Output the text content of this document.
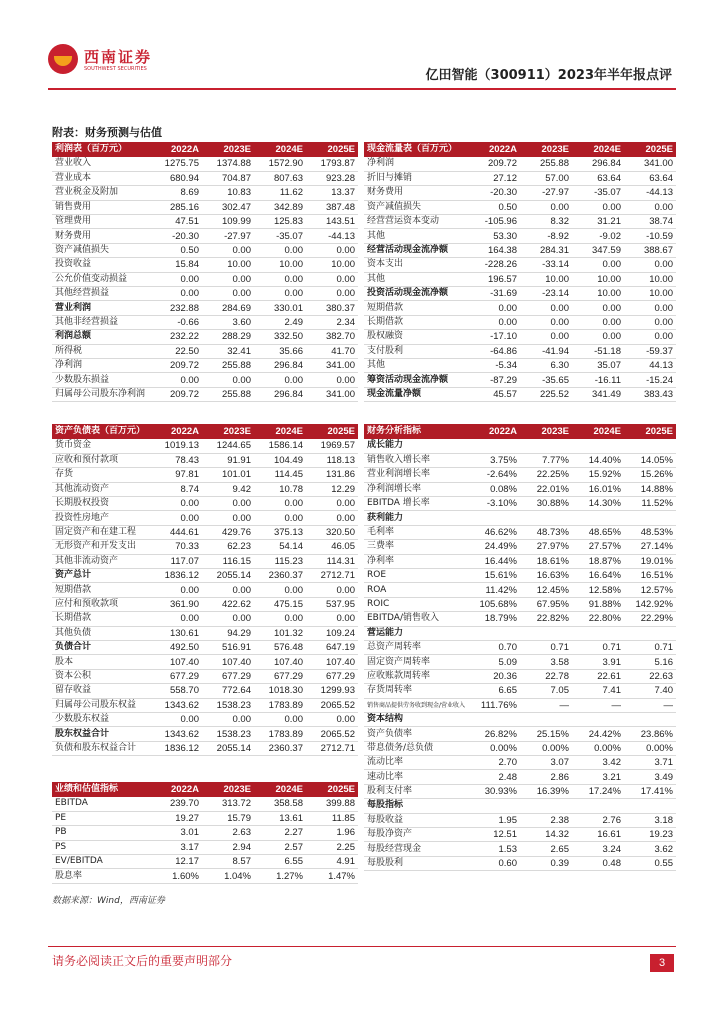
西南证券
SOUTHWEST SECURITIES	亿田智能（300911）2023年半年报点评
附表：财务预测与估值
利润表（百万元）	2022A	2023E	2024E	2025E
营业收入	1275.75	1374.88	1572.90	1793.87
营业成本	680.94	704.87	807.63	923.28
营业税金及附加	8.69	10.83	11.62	13.37
销售费用	285.16	302.47	342.89	387.48
管理费用	47.51	109.99	125.83	143.51
财务费用	-20.30	-27.97	-35.07	-44.13
资产减值损失	0.50	0.00	0.00	0.00
投资收益	15.84	10.00	10.00	10.00
公允价值变动损益	0.00	0.00	0.00	0.00
其他经营损益	0.00	0.00	0.00	0.00
营业利润	232.88	284.69	330.01	380.37
其他非经营损益	-0.66	3.60	2.49	2.34
利润总额	232.22	288.29	332.50	382.70
所得税	22.50	32.41	35.66	41.70
净利润	209.72	255.88	296.84	341.00
少数股东损益	0.00	0.00	0.00	0.00
归属母公司股东净利润	209.72	255.88	296.84	341.00
现金流量表（百万元）	2022A	2023E	2024E	2025E
净利润	209.72	255.88	296.84	341.00
折旧与摊销	27.12	57.00	63.64	63.64
财务费用	-20.30	-27.97	-35.07	-44.13
资产减值损失	0.50	0.00	0.00	0.00
经营营运资本变动	-105.96	8.32	31.21	38.74
其他	53.30	-8.92	-9.02	-10.59
经营活动现金流净额	164.38	284.31	347.59	388.67
资本支出	-228.26	-33.14	0.00	0.00
其他	196.57	10.00	10.00	10.00
投资活动现金流净额	-31.69	-23.14	10.00	10.00
短期借款	0.00	0.00	0.00	0.00
长期借款	0.00	0.00	0.00	0.00
股权融资	-17.10	0.00	0.00	0.00
支付股利	-64.86	-41.94	-51.18	-59.37
其他	-5.34	6.30	35.07	44.13
筹资活动现金流净额	-87.29	-35.65	-16.11	-15.24
现金流量净额	45.57	225.52	341.49	383.43
资产负债表（百万元）	2022A	2023E	2024E	2025E
货币资金	1019.13	1244.65	1586.14	1969.57
应收和预付款项	78.43	91.91	104.49	118.13
存货	97.81	101.01	114.45	131.86
其他流动资产	8.74	9.42	10.78	12.29
长期股权投资	0.00	0.00	0.00	0.00
投资性房地产	0.00	0.00	0.00	0.00
固定资产和在建工程	444.61	429.76	375.13	320.50
无形资产和开发支出	70.33	62.23	54.14	46.05
其他非流动资产	117.07	116.15	115.23	114.31
资产总计	1836.12	2055.14	2360.37	2712.71
短期借款	0.00	0.00	0.00	0.00
应付和预收款项	361.90	422.62	475.15	537.95
长期借款	0.00	0.00	0.00	0.00
其他负债	130.61	94.29	101.32	109.24
负债合计	492.50	516.91	576.48	647.19
股本	107.40	107.40	107.40	107.40
资本公积	677.29	677.29	677.29	677.29
留存收益	558.70	772.64	1018.30	1299.93
归属母公司股东权益	1343.62	1538.23	1783.89	2065.52
少数股东权益	0.00	0.00	0.00	0.00
股东权益合计	1343.62	1538.23	1783.89	2065.52
负债和股东权益合计	1836.12	2055.14	2360.37	2712.71
财务分析指标	2022A	2023E	2024E	2025E
成长能力				
销售收入增长率	3.75%	7.77%	14.40%	14.05%
营业利润增长率	-2.64%	22.25%	15.92%	15.26%
净利润增长率	0.08%	22.01%	16.01%	14.88%
EBITDA 增长率	-3.10%	30.88%	14.30%	11.52%
获利能力				
毛利率	46.62%	48.73%	48.65%	48.53%
三费率	24.49%	27.97%	27.57%	27.14%
净利率	16.44%	18.61%	18.87%	19.01%
ROE	15.61%	16.63%	16.64%	16.51%
ROA	11.42%	12.45%	12.58%	12.57%
ROIC	105.68%	67.95%	91.88%	142.92%
EBITDA/销售收入	18.79%	22.82%	22.80%	22.29%
营运能力				
总资产周转率	0.70	0.71	0.71	0.71
固定资产周转率	5.09	3.58	3.91	5.16
应收账款周转率	20.36	22.78	22.61	22.63
存货周转率	6.65	7.05	7.41	7.40
销售商品提供劳务收到现金/营业收入	111.76%	—	—	—
资本结构				
资产负债率	26.82%	25.15%	24.42%	23.86%
带息债务/总负债	0.00%	0.00%	0.00%	0.00%
流动比率	2.70	3.07	3.42	3.71
速动比率	2.48	2.86	3.21	3.49
股利支付率	30.93%	16.39%	17.24%	17.41%
每股指标				
每股收益	1.95	2.38	2.76	3.18
每股净资产	12.51	14.32	16.61	19.23
每股经营现金	1.53	2.65	3.24	3.62
每股股利	0.60	0.39	0.48	0.55
业绩和估值指标	2022A	2023E	2024E	2025E
EBITDA	239.70	313.72	358.58	399.88
PE	19.27	15.79	13.61	11.85
PB	3.01	2.63	2.27	1.96
PS	3.17	2.94	2.57	2.25
EV/EBITDA	12.17	8.57	6.55	4.91
股息率	1.60%	1.04%	1.27%	1.47%
数据来源：Wind，西南证券
请务必阅读正文后的重要声明部分	3
